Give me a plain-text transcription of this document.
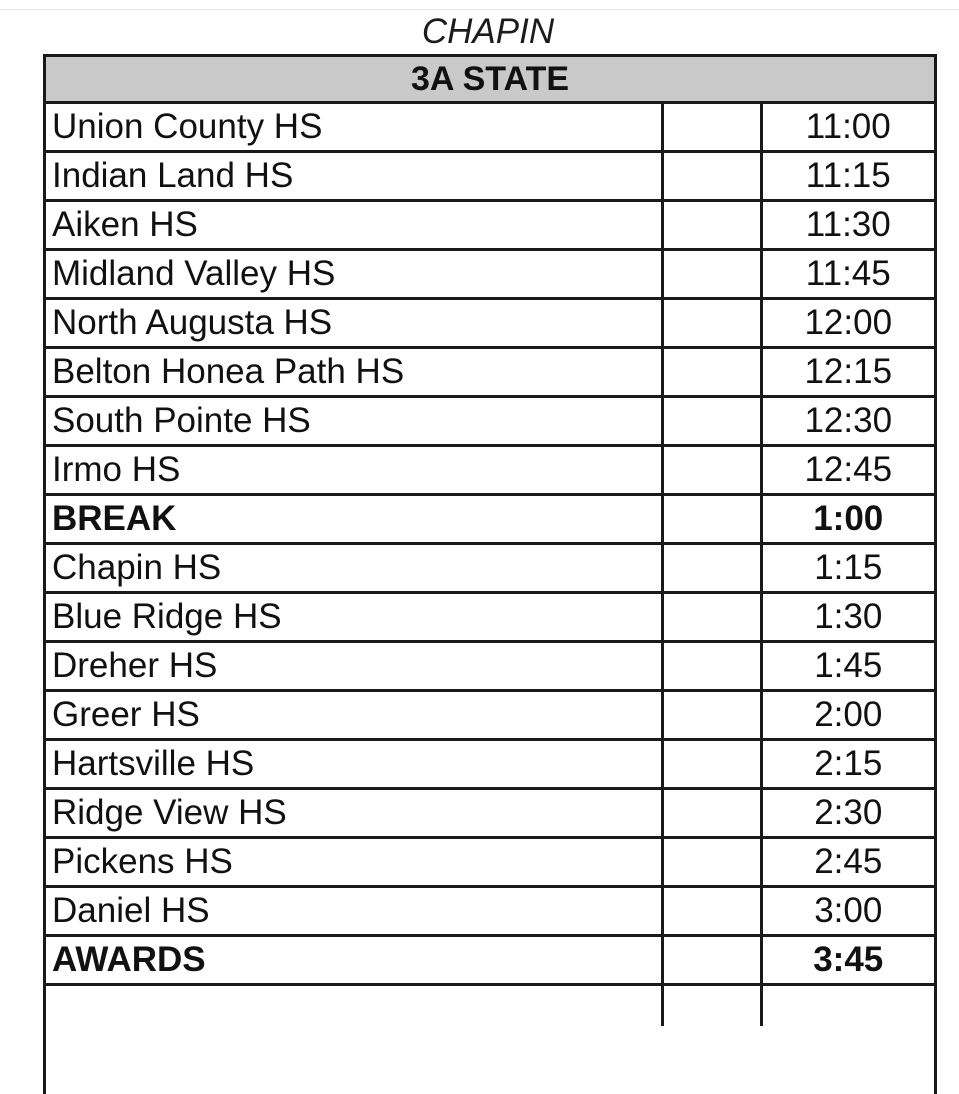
CHAPIN
3A STATE
Union County HS		11:00
Indian Land HS		11:15
Aiken HS		11:30
Midland Valley HS		11:45
North Augusta HS		12:00
Belton Honea Path HS		12:15
South Pointe HS		12:30
Irmo HS		12:45
BREAK		1:00
Chapin HS		1:15
Blue Ridge HS		1:30
Dreher HS		1:45
Greer HS		2:00
Hartsville HS		2:15
Ridge View HS		2:30
Pickens HS		2:45
Daniel HS		3:00
AWARDS		3:45
